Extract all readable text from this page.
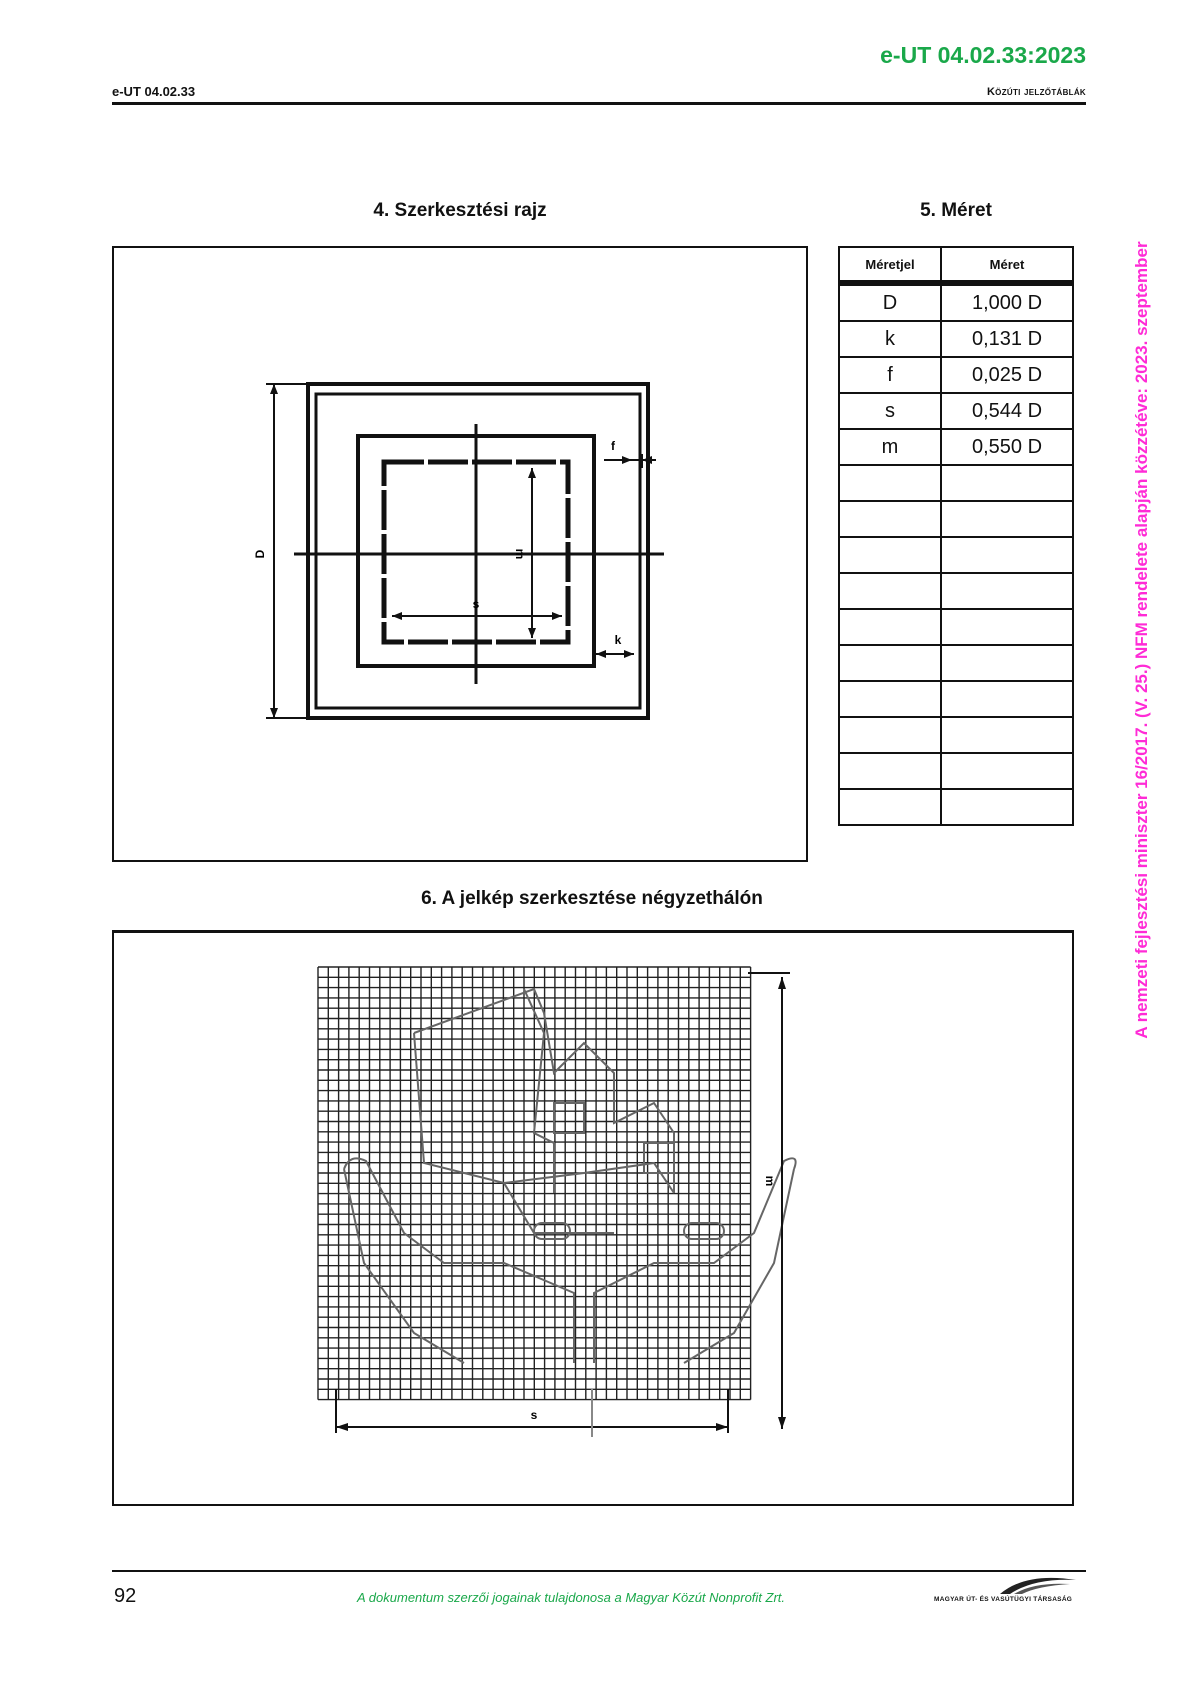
e-UT 04.02.33:2023
e-UT 04.02.33	Közúti jelzőtáblák
A nemzeti fejlesztési miniszter 16/2017. (V. 25.) NFM rendelete alapján közzétéve: 2023. szeptember
4. Szerkesztési rajz	5. Méret
D	m
s
f
k
Méretjel	Méret
D	1,000 D
k	0,131 D
f	0,025 D
s	0,544 D
m	0,550 D

6. A jelkép szerkesztése négyzethálón
m
s
92	A dokumentum szerzői jogainak tulajdonosa a Magyar Közút Nonprofit Zrt.	MAGYAR ÚT- ÉS VASÚTÜGYI TÁRSASÁG
